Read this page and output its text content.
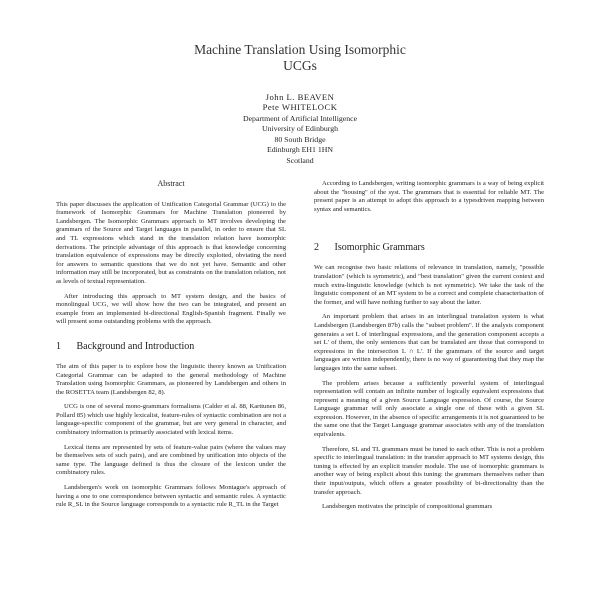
Machine Translation Using Isomorphic
UCGs
John L. BEAVEN
Pete WHITELOCK
Department of Artificial Intelligence
University of Edinburgh
80 South Bridge
Edinburgh EH1 1HN
Scotland
Abstract

This paper discusses the application of Unification Categorial Grammar (UCG) to the framework of Isomorphic Grammars for Machine Translation pioneered by Landsbergen. The Isomorphic Grammars approach to MT involves developing the grammars of the Source and Target languages in parallel, in order to ensure that SL and TL expressions which stand in the translation relation have isomorphic derivations. The principle advantage of this approach is that knowledge concerning translation equivalence of expressions may be directly exploited, obviating the need for answers to semantic questions that we do not yet have. Semantic and other information may still be incorporated, but as constraints on the translation relation, not as levels of textual representation.

After introducing this approach to MT system design, and the basics of monolingual UCG, we will show how the two can be integrated, and present an example from an implemented bi-directional English-Spanish fragment. Finally we will present some outstanding problems with the approach.

1 Background and Introduction

The aim of this paper is to explore how the linguistic theory known as Unification Categorial Grammar can be adapted to the general methodology of Machine Translation using Isomorphic Grammars, as pioneered by Landsbergen and others in the ROSETTA team (Landsbergen 82, 8).

UCG is one of several mono-grammars formalisms (Calder et al. 88, Karttunen 86, Pollard 85) which use highly lexicalist, feature-rules of syntactic combination are not a language-specific component of the grammar, but are very general in character, and combinatory information is primarily associated with lexical items.

Lexical items are represented by sets of feature-value pairs (where the values may be themselves sets of such pairs), and are combined by unification into objects of the same type. The language defined is thus the closure of the lexicon under the combinatory rules.

Landsbergen's work on isomorphic Grammars follows Montague's approach of having a one to one correspondence between syntactic and semantic rules. A syntactic rule R_SL in the Source language corresponds to a syntactic rule R_TL in the Target

According to Landsbergen, writing isomorphic grammars is a way of being explicit about the "housing" of the syst. The grammars that is essential for reliable MT. The present paper is an attempt to adopt this approach to a typesdriven mapping between syntax and semantics.

2 Isomorphic Grammars

We can recognise two basic relations of relevance in translation, namely, "possible translation" (which is symmetric), and "best translation" given the current context and much extra-linguistic knowledge (which is not symmetric). We take the task of the linguistic component of an MT system to be a correct and complete characterisation of the former, and will have nothing further to say about the latter.

An important problem that arises in an interlingual translation system is what Landsbergen (Landsbergen 87b) calls the "subset problem". If the analysis component generates a set L of interlingual expressions, and the generation component accepts a set L' of them, the only sentences that can be translated are those that correspond to expressions in the intersection L ∩ L'. If the grammars of the source and target languages are written independently, there is no way of guaranteeing that they map the languages into the same subset.

The problem arises because a sufficiently powerful system of interlingual representation will contain an infinite number of logically equivalent expressions that represent a meaning of a given Source Language expression. Of course, the Source Language grammar will only associate a single one of these with a given SL expression. However, in the absence of specific arrangements it is not guaranteed to be the same one that the Target Language grammar associates with any of the translation equivalents.

Therefore, SL and TL grammars must be tuned to each other. This is not a problem specific to interlingual translation: in the transfer approach to MT systems design, this tuning is effected by an explicit transfer module. The use of isomorphic grammars is another way of being explicit about this tuning: the grammars themselves rather than their input/outputs, which offers a greater possibility of bi-directionality than the transfer approach.

Landsbergen motivates the principle of compositional grammars
